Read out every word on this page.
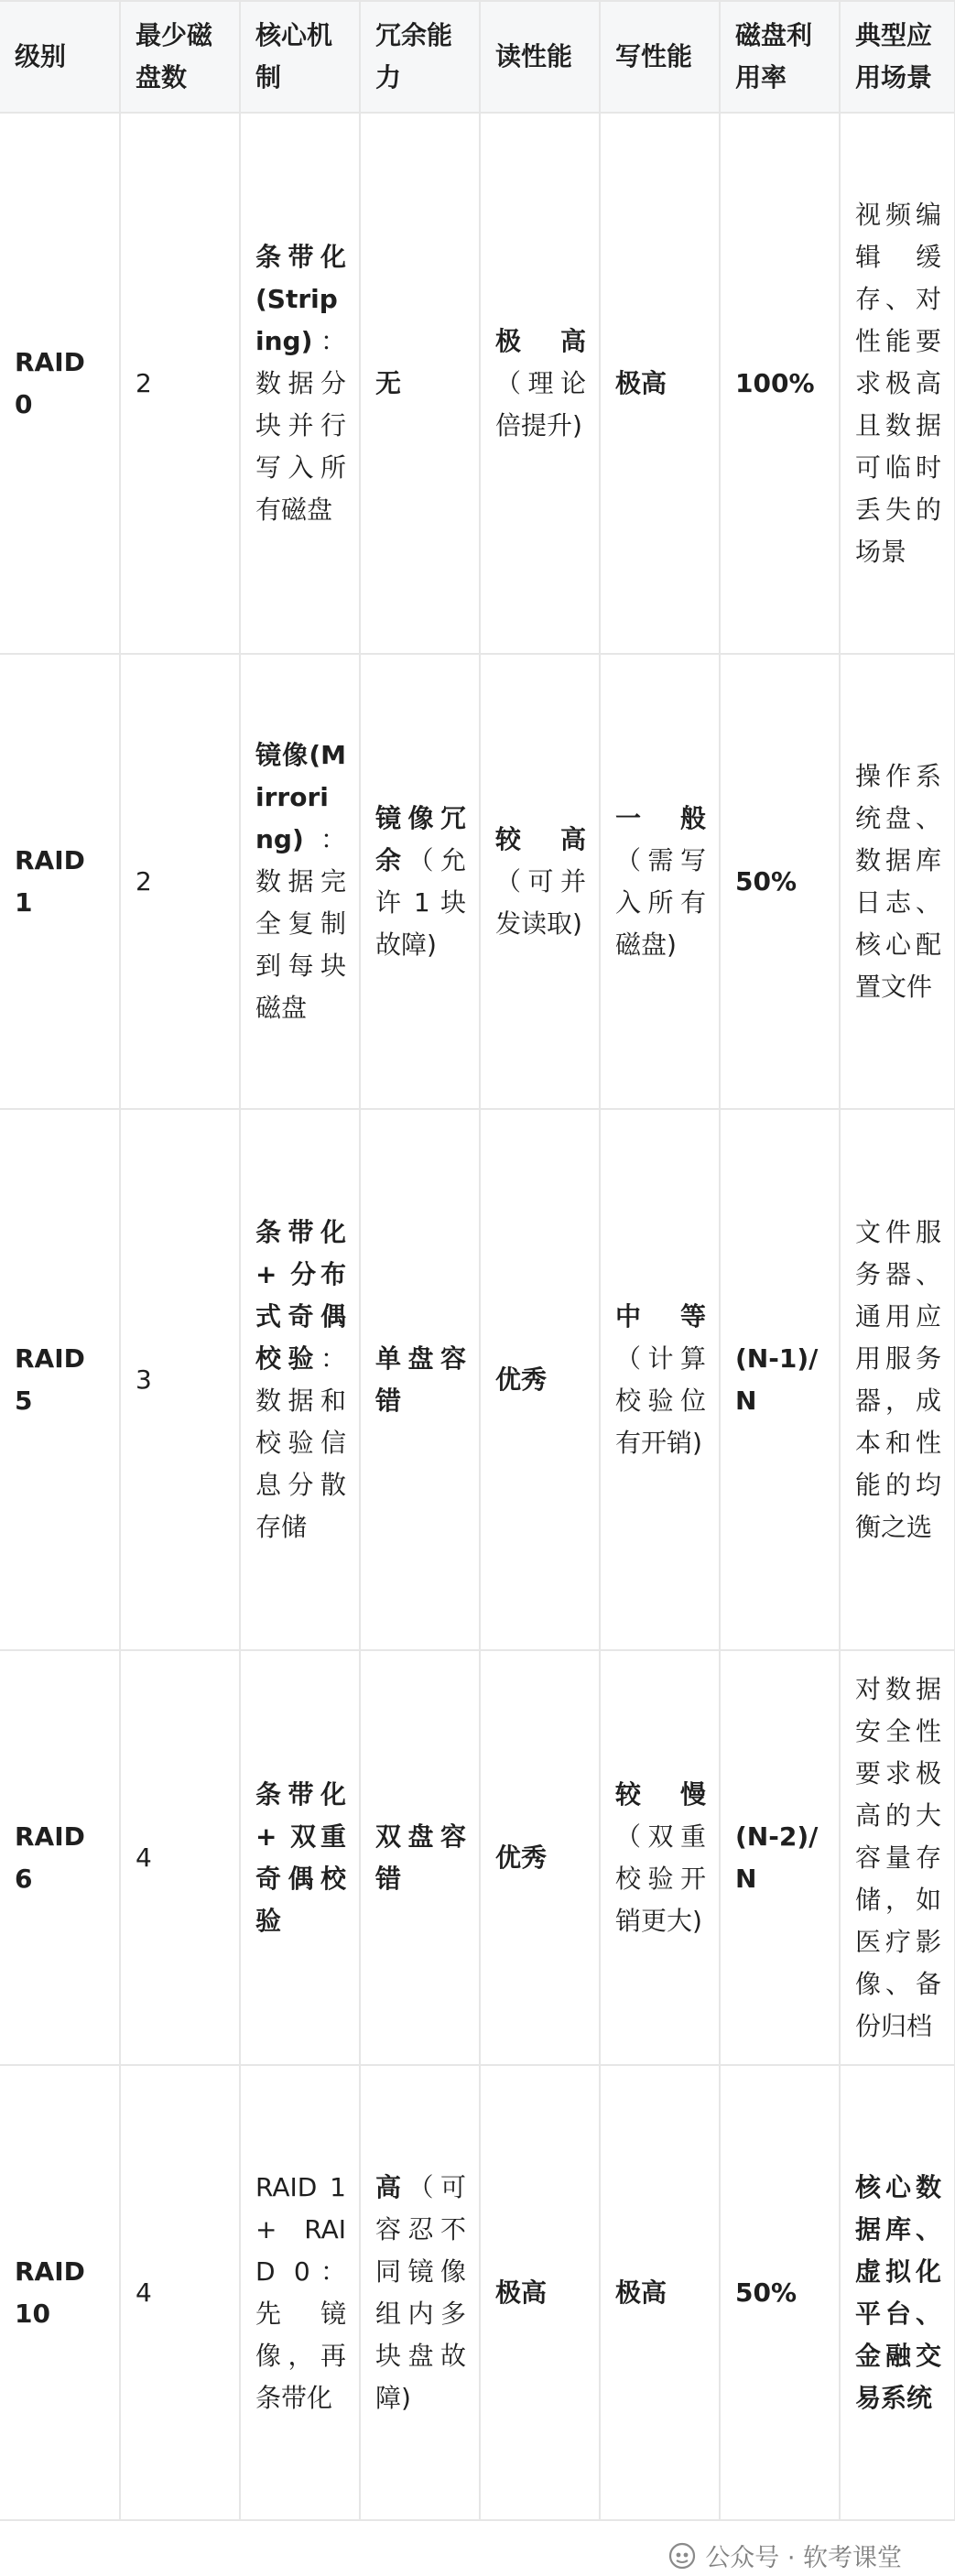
级别	最少磁盘数	核心机制	冗余能力	读性能	写性能	磁盘利用率	典型应用场景
RAID 0	2	条带化(Striping)：数据分块并行写入所有磁盘	无	极高（理论倍提升)	极高	100%	视频编辑缓存、对性能要求极高且数据可临时丢失的场景
RAID 1	2	镜像(Mirroring)：数据完全复制到每块磁盘	镜像冗余（允许 1 块故障)	较高（可并发读取)	一般（需写入所有磁盘)	50%	操作系统盘、数据库日志、核心配置文件
RAID 5	3	条带化 + 分布式奇偶校验：数据和校验信息分散存储	单盘容错	优秀	中等（计算校验位有开销)	(N-1)/N	文件服务器、通用应用服务器，成本和性能的均衡之选
RAID 6	4	条带化 + 双重奇偶校验	双盘容错	优秀	较慢（双重校验开销更大)	(N-2)/N	对数据安全性要求极高的大容量存储，如医疗影像、备份归档
RAID 10	4	RAID 1 + RAID 0：先镜像，再条带化	高（可容忍不同镜像组内多块盘故障)	极高	极高	50%	核心数据库、虚拟化平台、金融交易系统
公众号 · 软考课堂
